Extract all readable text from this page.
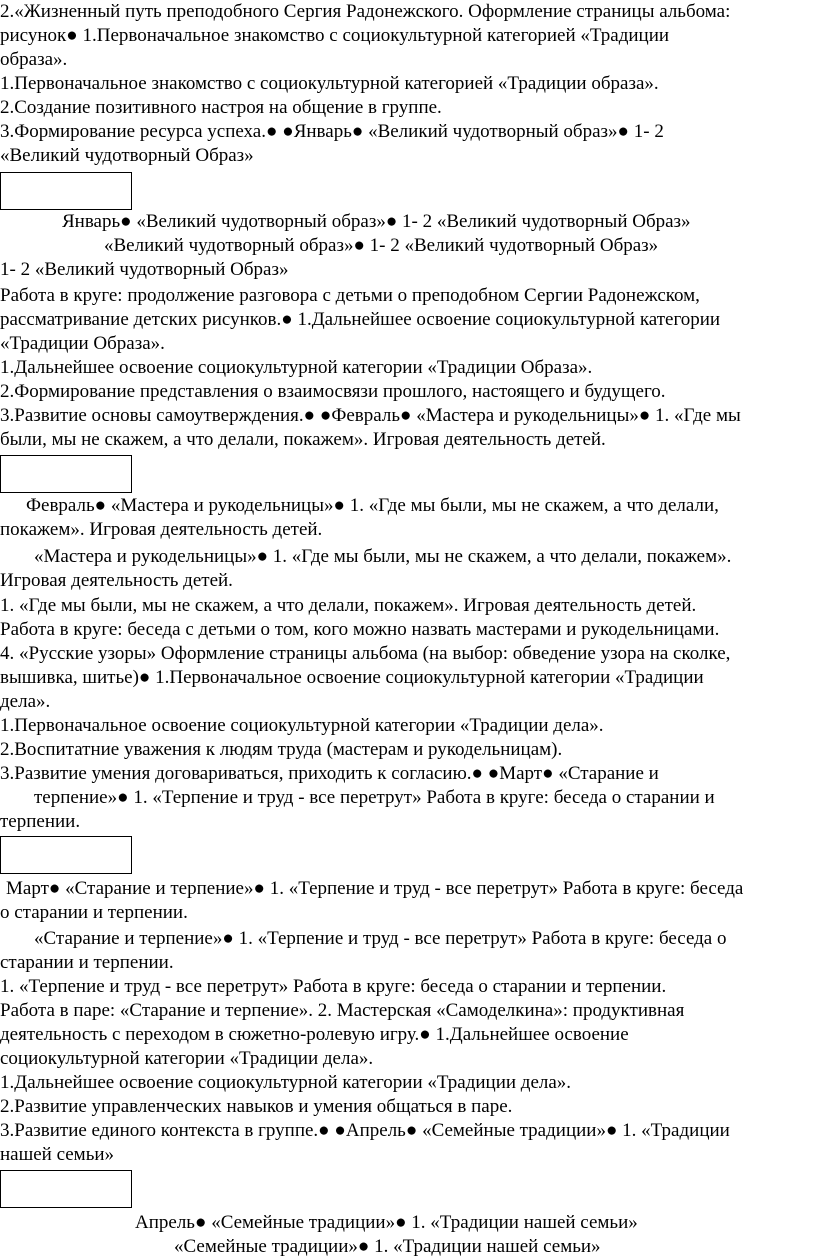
2.«Жизненный путь преподобного Сергия Радонежского. Оформление страницы альбома:
рисунок● 1.Первоначальное знакомство с социокультурной категорией «Традиции
образа».
1.Первоначальное знакомство с социокультурной категорией «Традиции образа».
2.Создание позитивного настроя на общение в группе.
3.Формирование ресурса успеха.● ●Январь● «Великий чудотворный образ»● 1- 2
«Великий чудотворный Образ»
Январь● «Великий чудотворный образ»● 1- 2 «Великий чудотворный Образ»
«Великий чудотворный образ»● 1- 2 «Великий чудотворный Образ»
1- 2 «Великий чудотворный Образ»
Работа в круге: продолжение разговора с детьми о преподобном Сергии Радонежском,
рассматривание детских рисунков.● 1.Дальнейшее освоение социокультурной категории
«Традиции Образа».
1.Дальнейшее освоение социокультурной категории «Традиции Образа».
2.Формирование представления о взаимосвязи прошлого, настоящего и будущего.
3.Развитие основы самоутверждения.● ●Февраль● «Мастера и рукодельницы»● 1. «Где мы
были, мы не скажем, а что делали, покажем». Игровая деятельность детей.
Февраль● «Мастера и рукодельницы»● 1. «Где мы были, мы не скажем, а что делали,
покажем». Игровая деятельность детей.
«Мастера и рукодельницы»● 1. «Где мы были, мы не скажем, а что делали, покажем».
Игровая деятельность детей.
1. «Где мы были, мы не скажем, а что делали, покажем». Игровая деятельность детей.
Работа в круге: беседа с детьми о том, кого можно назвать мастерами и рукодельницами.
4. «Русские узоры» Оформление страницы альбома (на выбор: обведение узора на сколке,
вышивка, шитье)● 1.Первоначальное освоение социокультурной категории «Традиции
дела».
1.Первоначальное освоение социокультурной категории «Традиции дела».
2.Воспитатние уважения к людям труда (мастерам и рукодельницам).
3.Развитие умения договариваться, приходить к согласию.● ●Март● «Старание и
терпение»● 1. «Терпение и труд - все перетрут» Работа в круге: беседа о старании и
терпении.
Март● «Старание и терпение»● 1. «Терпение и труд - все перетрут» Работа в круге: беседа
о старании и терпении.
«Старание и терпение»● 1. «Терпение и труд - все перетрут» Работа в круге: беседа о
старании и терпении.
1. «Терпение и труд - все перетрут» Работа в круге: беседа о старании и терпении.
Работа в паре: «Старание и терпение». 2. Мастерская «Самоделкина»: продуктивная
деятельность с переходом в сюжетно-ролевую игру.● 1.Дальнейшее освоение
социокультурной категории «Традиции дела».
1.Дальнейшее освоение социокультурной категории «Традиции дела».
2.Развитие управленческих навыков и умения общаться в паре.
3.Развитие единого контекста в группе.● ●Апрель● «Семейные традиции»● 1. «Традиции
нашей семьи»
Апрель● «Семейные традиции»● 1. «Традиции нашей семьи»
«Семейные традиции»● 1. «Традиции нашей семьи»
